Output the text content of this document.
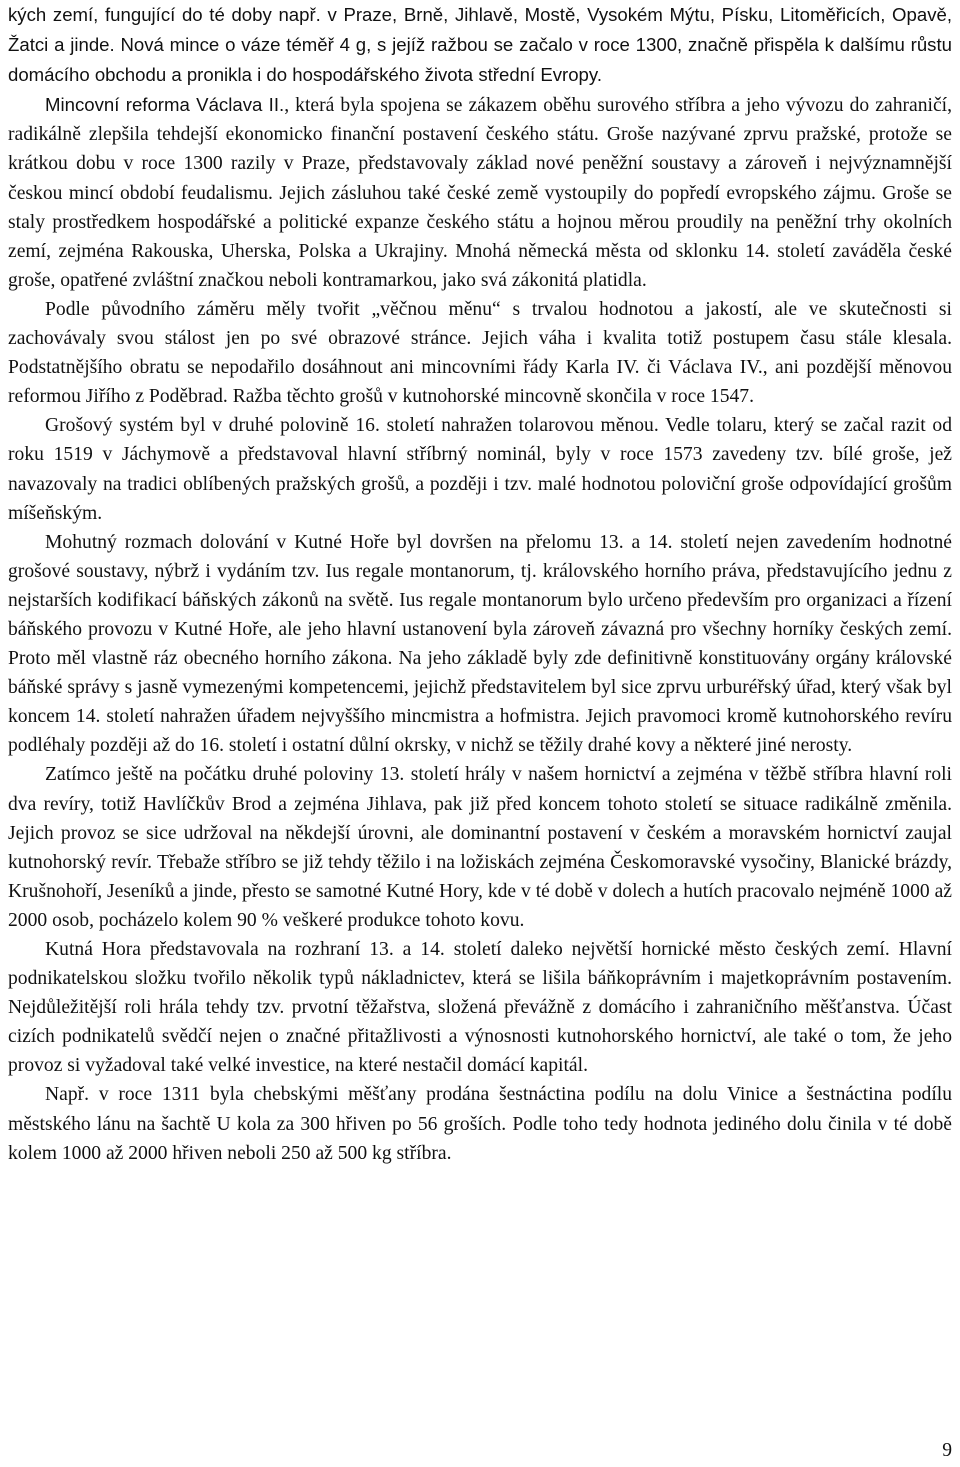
kých zemí, fungující do té doby např. v Praze, Brně, Jihlavě, Mostě, Vysokém Mýtu, Písku, Litoměřicích, Opavě, Žatci a jinde. Nová mince o váze téměř 4 g, s jejíž ražbou se začalo v roce 1300, značně přispěla k dalšímu růstu domácího obchodu a pronikla i do hospodářského života střední Evropy.

Mincovní reforma Václava II., která byla spojena se zákazem oběhu surového stříbra a jeho vývozu do zahraničí, radikálně zlepšila tehdejší ekonomicko finanční postavení českého státu. Groše nazývané zprvu pražské, protože se krátkou dobu v roce 1300 razily v Praze, představovaly základ nové peněžní soustavy a zároveň i nejvýznamnější českou mincí období feudalismu. Jejich zásluhou také české země vystoupily do popředí evropského zájmu. Groše se staly prostředkem hospodářské a politické expanze českého státu a hojnou měrou proudily na peněžní trhy okolních zemí, zejména Rakouska, Uherska, Polska a Ukrajiny. Mnohá německá města od sklonku 14. století zaváděla české groše, opatřené zvláštní značkou neboli kontramarkou, jako svá zákonitá platidla.

Podle původního záměru měly tvořit „věčnou měnu“ s trvalou hodnotou a jakostí, ale ve skutečnosti si zachovávaly svou stálost jen po své obrazové stránce. Jejich váha i kvalita totiž postupem času stále klesala. Podstatnějšího obratu se nepodařilo dosáhnout ani mincovními řády Karla IV. či Václava IV., ani pozdější měnovou reformou Jiřího z Poděbrad. Ražba těchto grošů v kutnohorské mincovně skončila v roce 1547.

Grošový systém byl v druhé polovině 16. století nahražen tolarovou měnou. Vedle tolaru, který se začal razit od roku 1519 v Jáchymově a představoval hlavní stříbrný nominál, byly v roce 1573 zavedeny tzv. bílé groše, jež navazovaly na tradici oblíbených pražských grošů, a později i tzv. malé hodnotou poloviční groše odpovídající grošům míšeňským.

Mohutný rozmach dolování v Kutné Hoře byl dovršen na přelomu 13. a 14. století nejen zavedením hodnotné grošové soustavy, nýbrž i vydáním tzv. Ius regale montanorum, tj. královského horního práva, představujícího jednu z nejstarších kodifikací báňských zákonů na světě. Ius regale montanorum bylo určeno především pro organizaci a řízení báňského provozu v Kutné Hoře, ale jeho hlavní ustanovení byla zároveň závazná pro všechny horníky českých zemí. Proto měl vlastně ráz obecného horního zákona. Na jeho základě byly zde definitivně konstituovány orgány královské báňské správy s jasně vymezenými kompetencemi, jejichž představitelem byl sice zprvu urburéřský úřad, který však byl koncem 14. století nahražen úřadem nejvyššího mincmistra a hofmistra. Jejich pravomoci kromě kutnohorského revíru podléhaly později až do 16. století i ostatní důlní okrsky, v nichž se těžily drahé kovy a některé jiné nerosty.

Zatímco ještě na počátku druhé poloviny 13. století hrály v našem hornictví a zejména v těžbě stříbra hlavní roli dva revíry, totiž Havlíčkův Brod a zejména Jihlava, pak již před koncem tohoto století se situace radikálně změnila. Jejich provoz se sice udržoval na někdejší úrovni, ale dominantní postavení v českém a moravském hornictví zaujal kutnohorský revír. Třebaže stříbro se již tehdy těžilo i na ložiskách zejména Českomoravské vysočiny, Blanické brázdy, Krušnohoří, Jeseníků a jinde, přesto se samotné Kutné Hory, kde v té době v dolech a hutích pracovalo nejméně 1000 až 2000 osob, pocházelo kolem 90 % veškeré produkce tohoto kovu.

Kutná Hora představovala na rozhraní 13. a 14. století daleko největší hornické město českých zemí. Hlavní podnikatelskou složku tvořilo několik typů nákladnictev, která se lišila báňkoprávním i majetkoprávním postavením. Nejdůležitější roli hrála tehdy tzv. prvotní těžařstva, složená převážně z domácího i zahraničního měšťanstva. Účast cizích podnikatelů svědčí nejen o značné přitažlivosti a výnosnosti kutnohorského hornictví, ale také o tom, že jeho provoz si vyžadoval také velké investice, na které nestačil domácí kapitál.

Např. v roce 1311 byla chebskými měšťany prodána šestnáctina podílu na dolu Vinice a šestnáctina podílu městského lánu na šachtě U kola za 300 hřiven po 56 groších. Podle toho tedy hodnota jediného dolu činila v té době kolem 1000 až 2000 hřiven neboli 250 až 500 kg stříbra.

9
